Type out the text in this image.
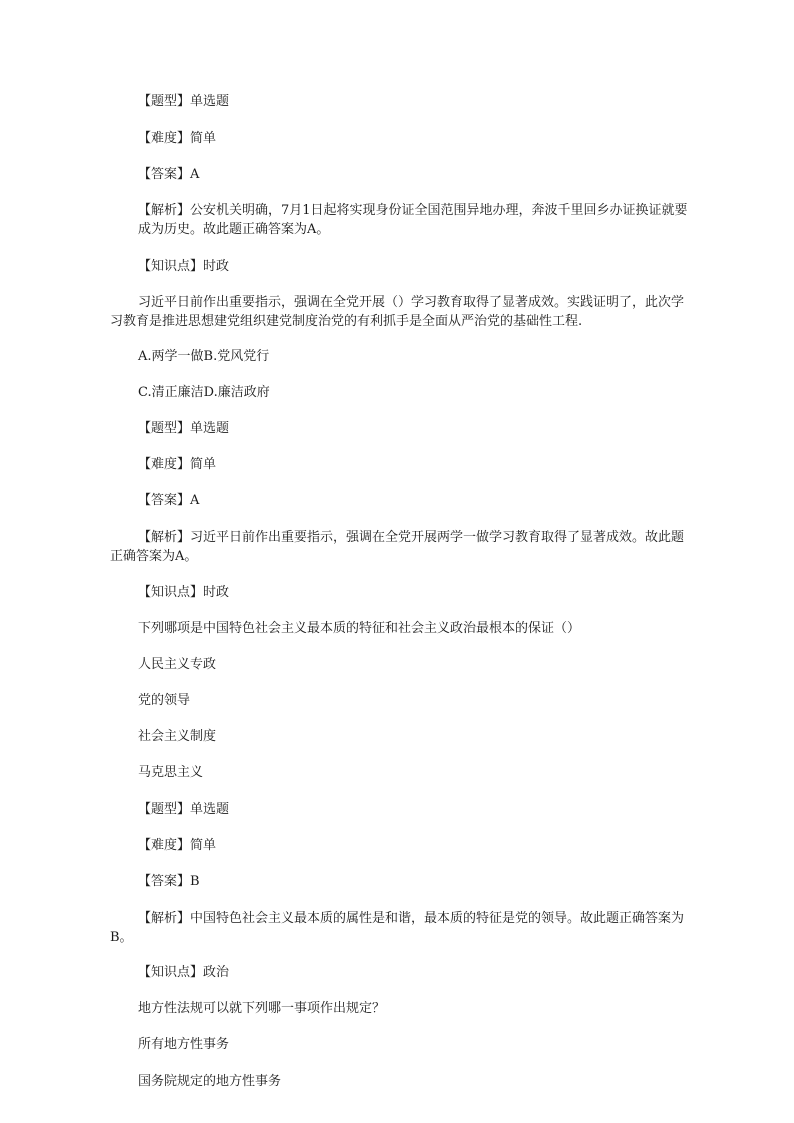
【题型】单选题
【难度】简单
【答案】A
【解析】公安机关明确，7月1日起将实现身份证全国范围异地办理，奔波千里回乡办证换证就要成为历史。故此题正确答案为A。
【知识点】时政
习近平日前作出重要指示，强调在全党开展（）学习教育取得了显著成效。实践证明了，此次学习教育是推进思想建党组织建党制度治党的有利抓手是全面从严治党的基础性工程.
A.两学一做B.党风党行
C.清正廉洁D.廉洁政府
【题型】单选题
【难度】简单
【答案】A
【解析】习近平日前作出重要指示，强调在全党开展两学一做学习教育取得了显著成效。故此题正确答案为A。
【知识点】时政
下列哪项是中国特色社会主义最本质的特征和社会主义政治最根本的保证（）
人民主义专政
党的领导
社会主义制度
马克思主义
【题型】单选题
【难度】简单
【答案】B
【解析】中国特色社会主义最本质的属性是和谐，最本质的特征是党的领导。故此题正确答案为B。
【知识点】政治
地方性法规可以就下列哪一事项作出规定？
所有地方性事务
国务院规定的地方性事务
